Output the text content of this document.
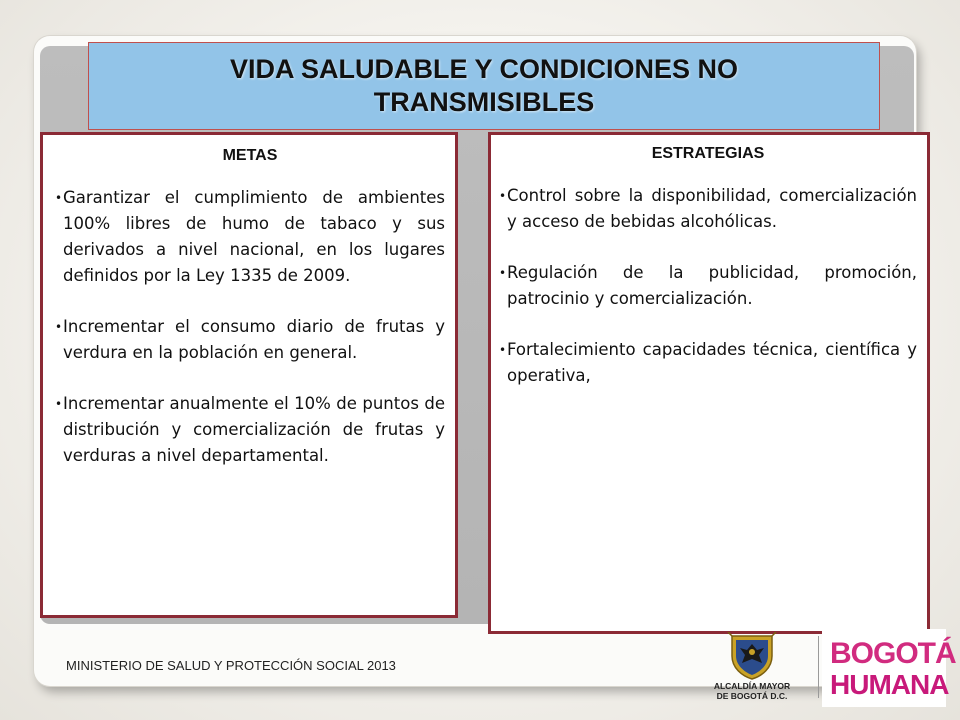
VIDA SALUDABLE Y CONDICIONES NO
TRANSMISIBLES
METAS
• Garantizar el cumplimiento de ambientes 100% libres de humo de tabaco y sus derivados a nivel nacional, en los lugares definidos por la Ley 1335 de 2009.
• Incrementar el consumo diario de frutas y verdura en la población en general.
• Incrementar anualmente el 10% de puntos de distribución y comercialización de frutas y verduras a nivel departamental.
ESTRATEGIAS
• Control sobre la disponibilidad, comercialización y acceso de bebidas alcohólicas.
• Regulación de la publicidad, promoción, patrocinio y comercialización.
• Fortalecimiento capacidades técnica, científica y operativa,
MINISTERIO DE SALUD Y PROTECCIÓN SOCIAL 2013
ALCALDÍA MAYOR
DE BOGOTÁ D.C.
BOGOTÁ
HUMANA
